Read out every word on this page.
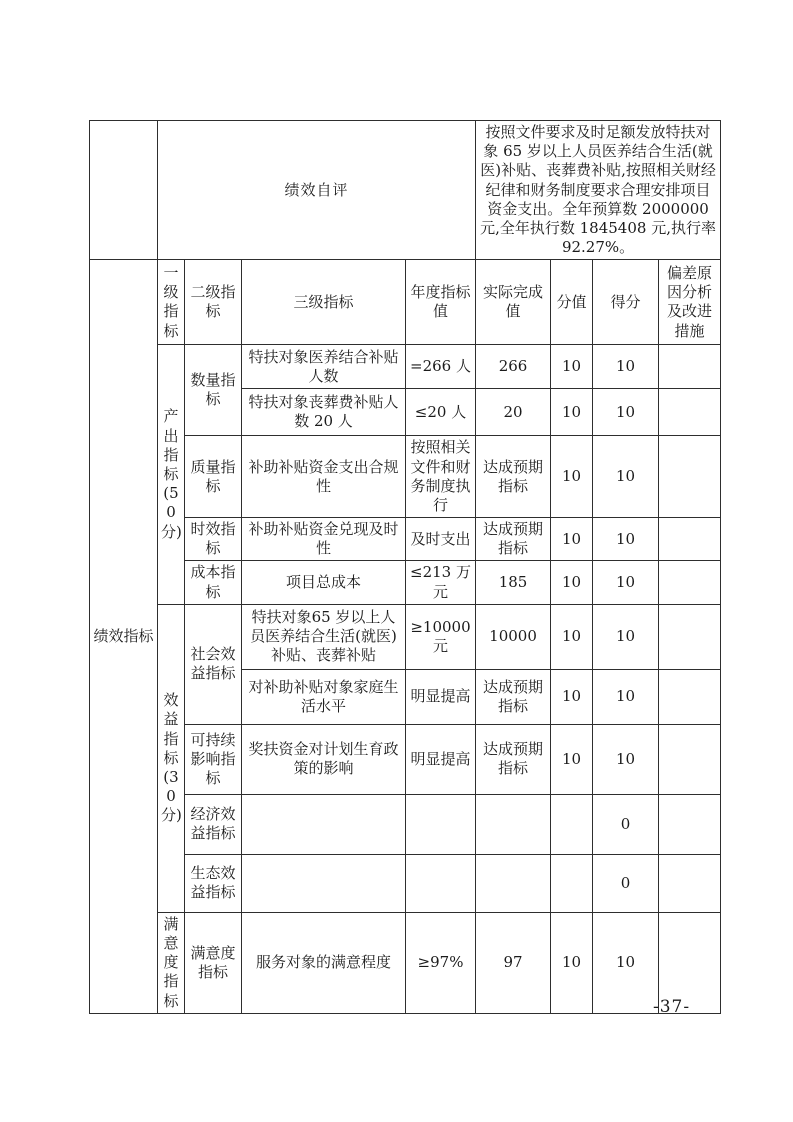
	绩效自评				按照文件要求及时足额发放特扶对象 65 岁以上人员医养结合生活(就医)补贴、丧葬费补贴,按照相关财经纪律和财务制度要求合理安排项目资金支出。全年预算数 2000000 元,全年执行数 1845408 元,执行率 92.27%。			
绩效指标	一级指标	二级指标	三级指标	年度指标值	实际完成值	分值	得分	偏差原因分析及改进措施
	产出指标(50分)	数量指标	特扶对象医养结合补贴人数	=266 人	266	10	10	
			特扶对象丧葬费补贴人数 20 人	≤20 人	20	10	10	
		质量指标	补助补贴资金支出合规性	按照相关文件和财务制度执行	达成预期指标	10	10	
		时效指标	补助补贴资金兑现及时性	及时支出	达成预期指标	10	10	
		成本指标	项目总成本	≤213 万元	185	10	10	
	效益指标(30分)	社会效益指标	特扶对象65 岁以上人员医养结合生活(就医)补贴、丧葬补贴	≥10000 元	10000	10	10	
			对补助补贴对象家庭生活水平	明显提高	达成预期指标	10	10	
		可持续影响指标	奖扶资金对计划生育政策的影响	明显提高	达成预期指标	10	10	
		经济效益指标					0	
		生态效益指标					0	
	满意度指标	满意度指标	服务对象的满意程度	≥97%	97	10	10	
-37-
